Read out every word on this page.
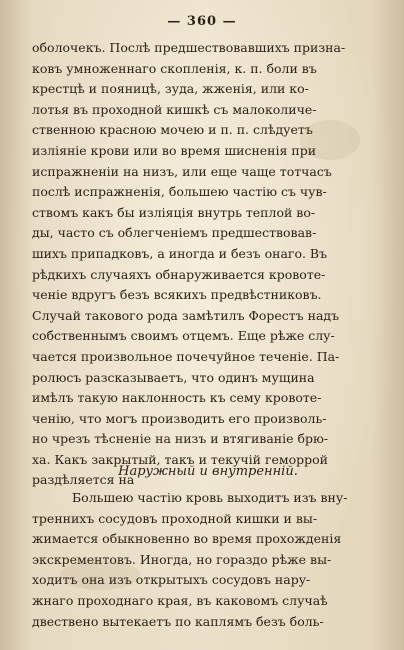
— 360 —
оболочекъ. Послѣ предшествовавшихъ призна-
ковъ умноженнаго скопленія, к. п. боли въ
крестцѣ и пояницѣ, зуда, жженія, или ко-
лотья въ проходной кишкѣ съ малоколиче-
ственною красною мочею и п. п. слѣдуетъ
изліяніе крови или во время шисненія при
испражненіи на низъ, или еще чаще тотчасъ
послѣ испражненія, большею частію съ чув-
ствомъ какъ бы изліяція внутрь теплой во-
ды, часто съ облегченіемъ предшествовав-
шихъ припадковъ, а иногда и безъ онаго. Въ
рѣдкихъ случаяхъ обнаруживается кровотe-
ченіе вдругъ безъ всякихъ предвѣстниковъ.
Случай такового рода замѣтилъ Форестъ надъ
собственнымъ своимъ отцемъ. Еще рѣже слу-
чается произвольное почечуйное теченіе. Па-
ролюсъ разсказываетъ, что одинъ мущина
имѣлъ такую наклонность къ сему кровоте-
ченію, что могъ производить его произволь-
но чрезъ тѣсненіе на низъ и втягиваніе брю-
ха. Какъ закрытый, такъ и текучій геморрой
раздѣляется на
Наружный и внутренній.
Большею частію кровь выходитъ изъ вну-
треннихъ сосудовъ проходной кишки и вы-
жимается обыкновенно во время прохожденія
экскрементовъ. Иногда, но гораздо рѣже вы-
ходитъ она изъ открытыхъ сосудовъ нару-
жнаго проходнаго края, въ каковомъ случаѣ
двествено вытекаетъ по каплямъ безъ боль-
